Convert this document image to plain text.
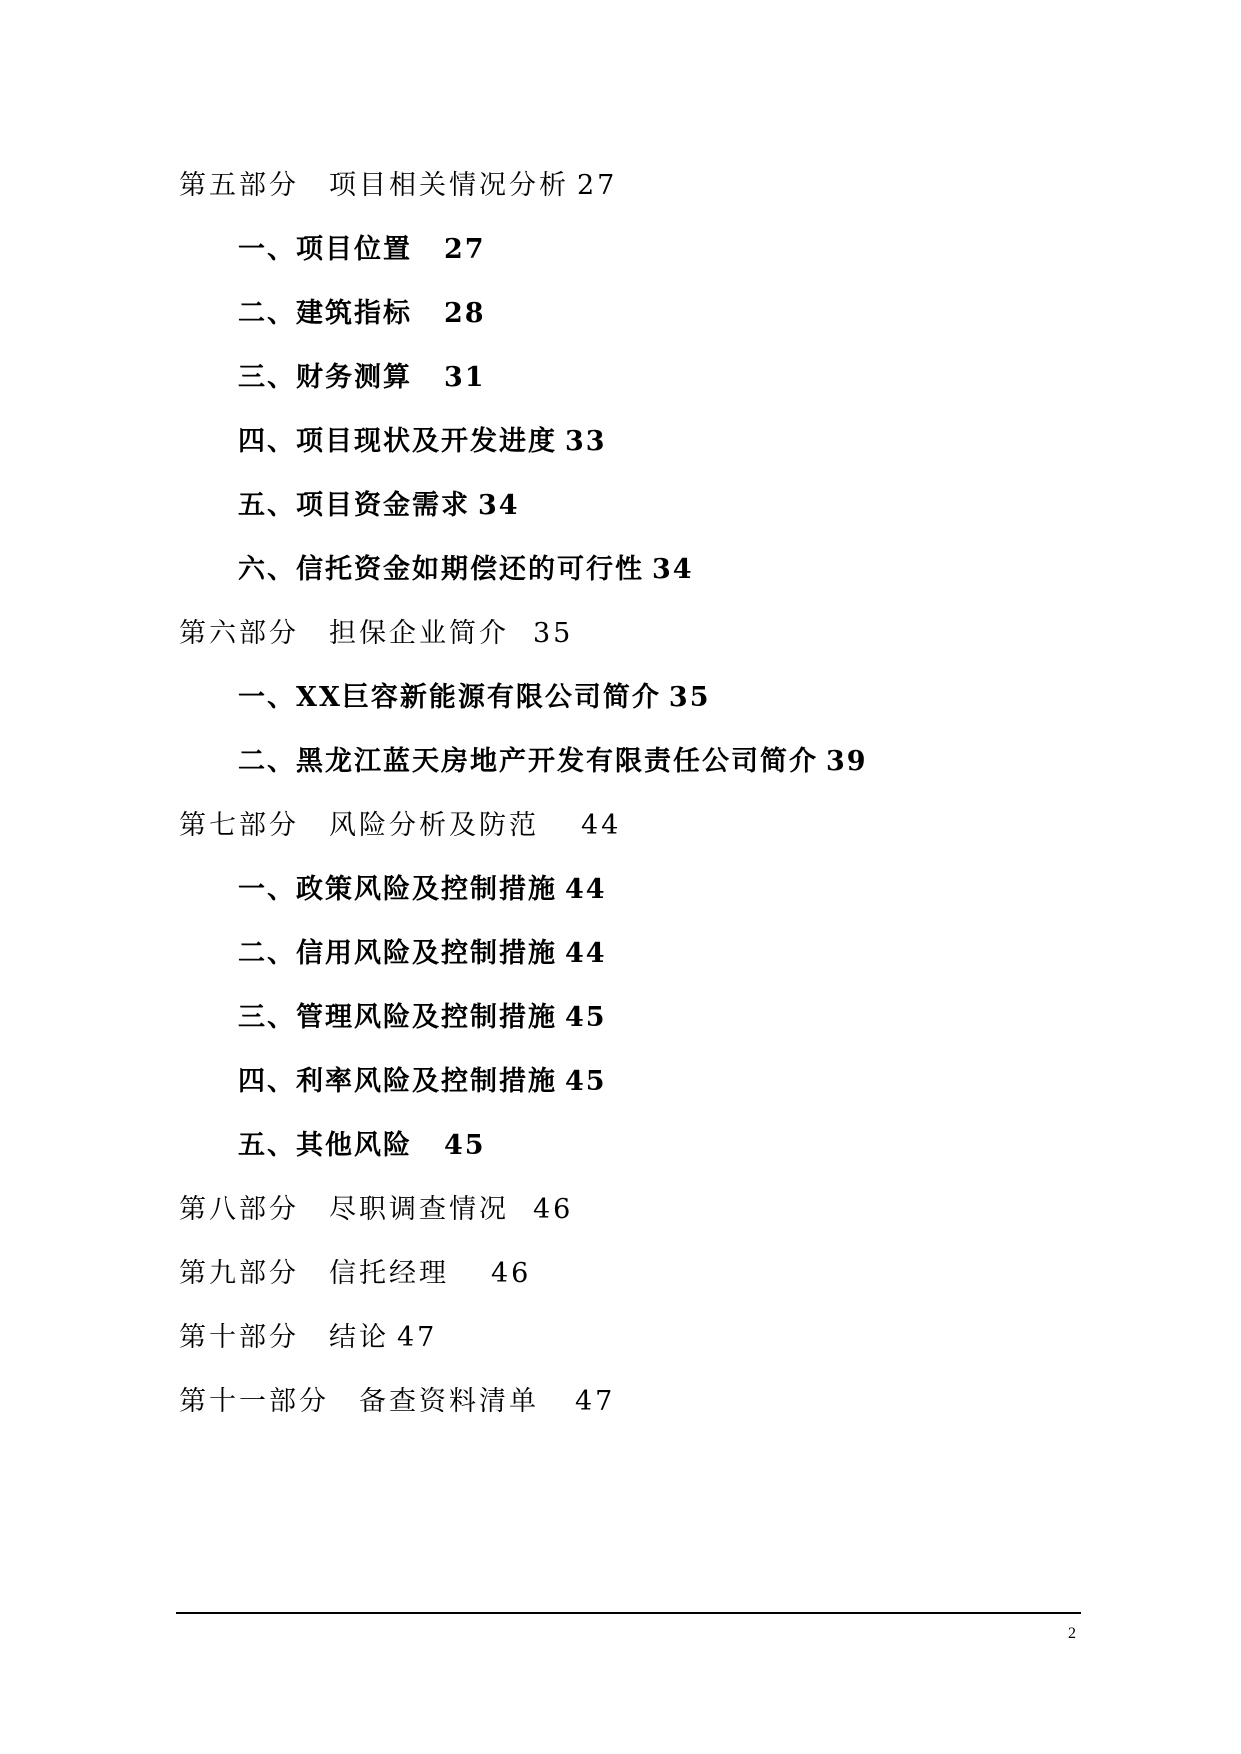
第五部分　项目相关情况分析 27
一、项目位置 27
二、建筑指标 28
三、财务测算 31
四、项目现状及开发进度 33
五、项目资金需求 34
六、信托资金如期偿还的可行性 34
第六部分　担保企业简介 35
一、XX巨容新能源有限公司简介 35
二、黑龙江蓝天房地产开发有限责任公司简介 39
第七部分　风险分析及防范 44
一、政策风险及控制措施 44
二、信用风险及控制措施 44
三、管理风险及控制措施 45
四、利率风险及控制措施 45
五、其他风险 45
第八部分　尽职调查情况 46
第九部分　信托经理 46
第十部分　结论 47
第十一部分　备查资料清单 47
2
